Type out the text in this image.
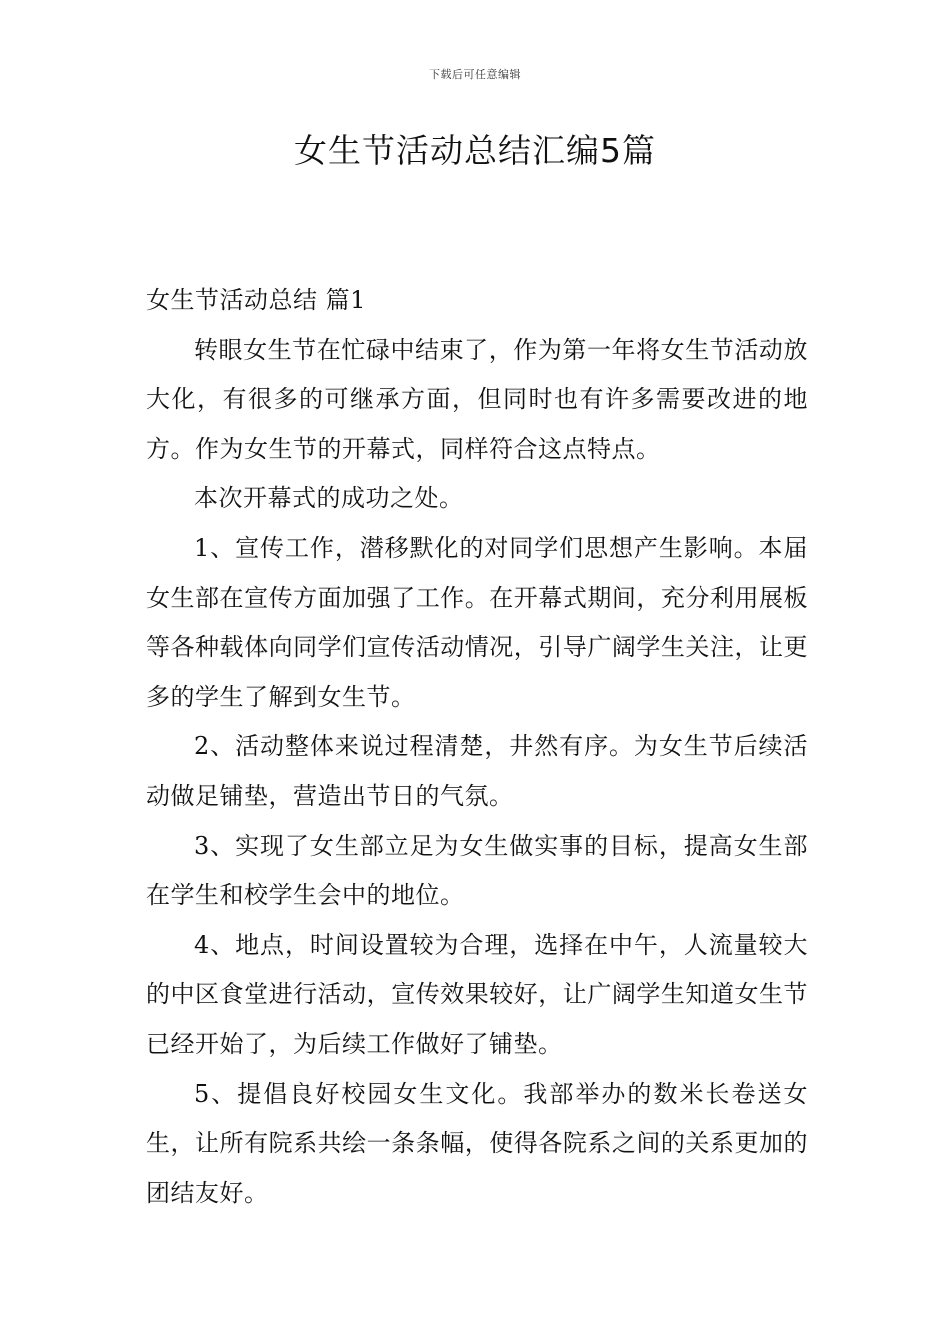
下载后可任意编辑
女生节活动总结汇编5篇
女生节活动总结 篇1

转眼女生节在忙碌中结束了，作为第一年将女生节活动放大化，有很多的可继承方面，但同时也有许多需要改进的地方。作为女生节的开幕式，同样符合这点特点。

本次开幕式的成功之处。

1、宣传工作，潜移默化的对同学们思想产生影响。本届女生部在宣传方面加强了工作。在开幕式期间，充分利用展板等各种载体向同学们宣传活动情况，引导广阔学生关注，让更多的学生了解到女生节。

2、活动整体来说过程清楚，井然有序。为女生节后续活动做足铺垫，营造出节日的气氛。

3、实现了女生部立足为女生做实事的目标，提高女生部在学生和校学生会中的地位。

4、地点，时间设置较为合理，选择在中午，人流量较大的中区食堂进行活动，宣传效果较好，让广阔学生知道女生节已经开始了，为后续工作做好了铺垫。

5、提倡良好校园女生文化。我部举办的数米长卷送女生，让所有院系共绘一条条幅，使得各院系之间的关系更加的团结友好。
